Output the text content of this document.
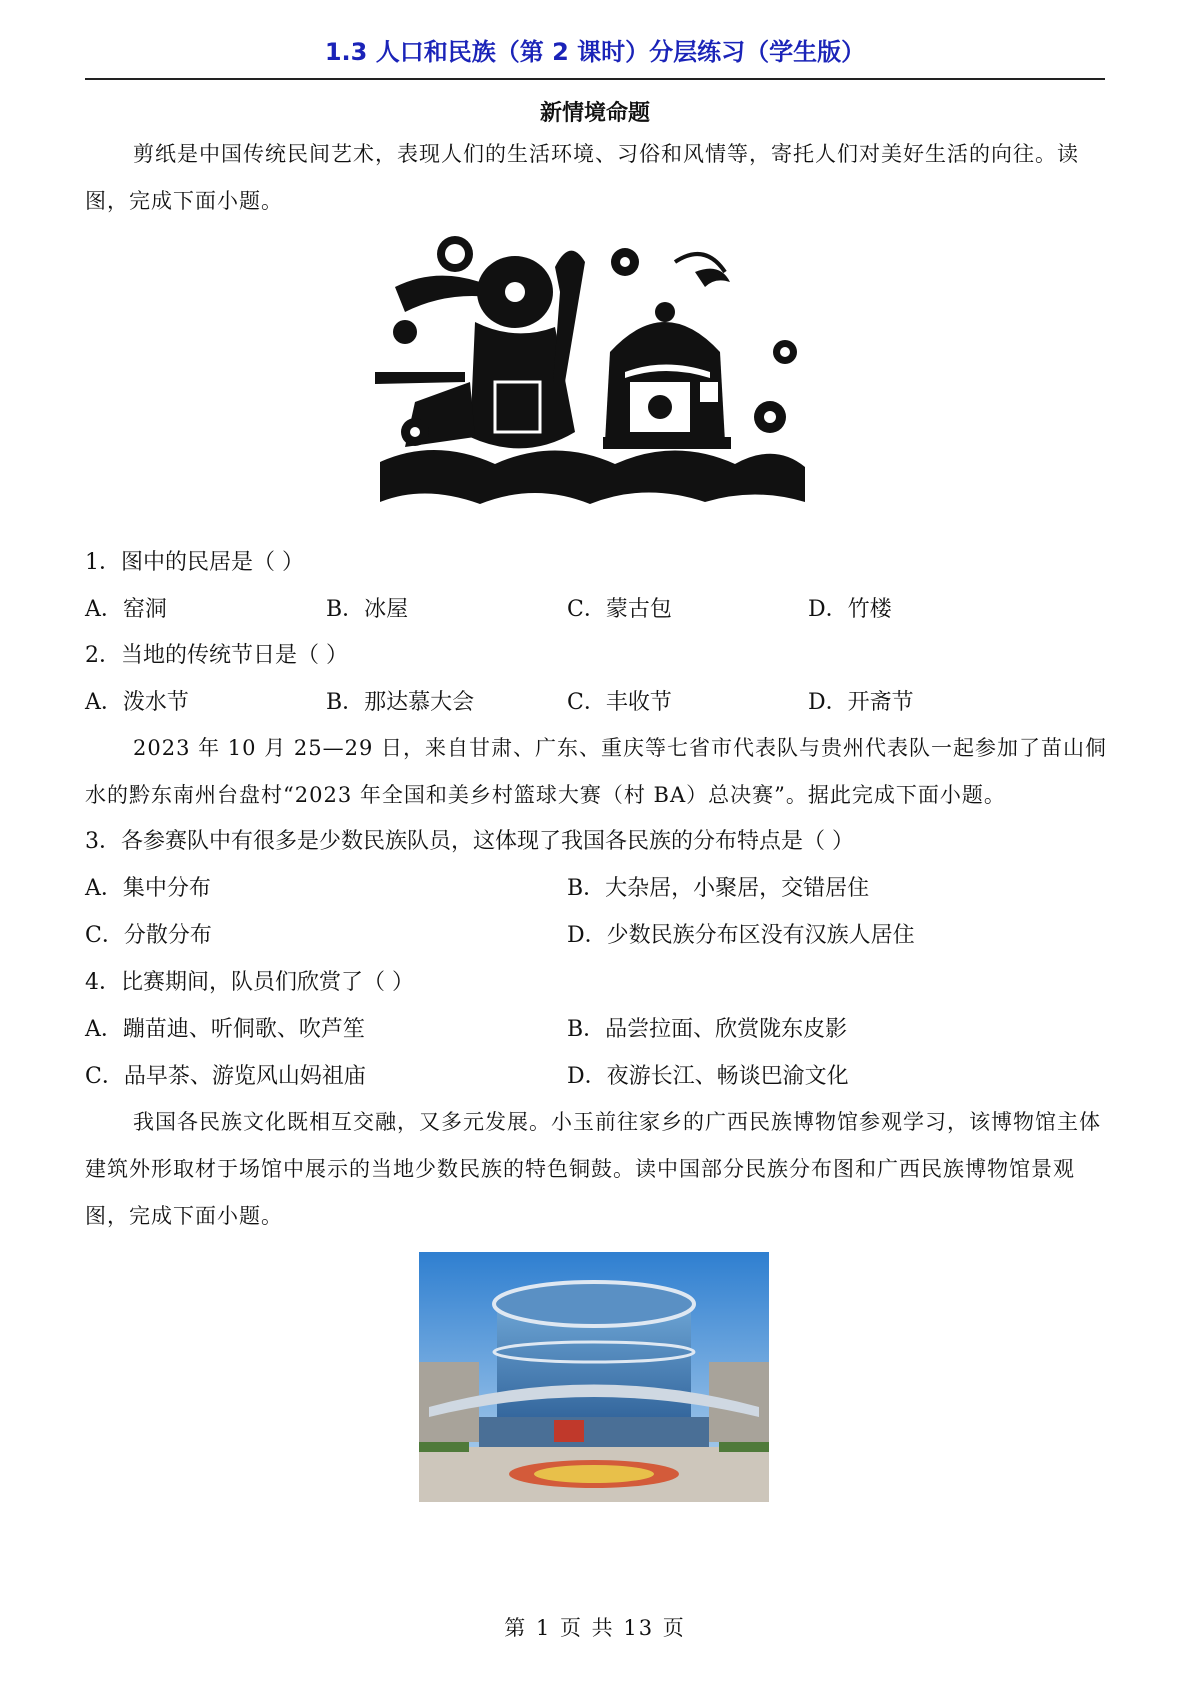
1.3 人口和民族（第 2 课时）分层练习（学生版）
新情境命题
剪纸是中国传统民间艺术，表现人们的生活环境、习俗和风情等，寄托人们对美好生活的向往。读图，完成下面小题。
1．图中的民居是（ ）
A．窑洞	B．冰屋	C．蒙古包	D．竹楼
2．当地的传统节日是（ ）
A．泼水节	B．那达慕大会	C．丰收节	D．开斋节
2023 年 10 月 25—29 日，来自甘肃、广东、重庆等七省市代表队与贵州代表队一起参加了苗山侗水的黔东南州台盘村“2023 年全国和美乡村篮球大赛（村 BA）总决赛”。据此完成下面小题。
3．各参赛队中有很多是少数民族队员，这体现了我国各民族的分布特点是（ ）
A．集中分布	B．大杂居，小聚居，交错居住
C．分散分布	D．少数民族分布区没有汉族人居住
4．比赛期间，队员们欣赏了（ ）
A．蹦苗迪、听侗歌、吹芦笙	B．品尝拉面、欣赏陇东皮影
C．品早茶、游览风山妈祖庙	D．夜游长江、畅谈巴渝文化
我国各民族文化既相互交融，又多元发展。小玉前往家乡的广西民族博物馆参观学习，该博物馆主体建筑外形取材于场馆中展示的当地少数民族的特色铜鼓。读中国部分民族分布图和广西民族博物馆景观图，完成下面小题。
第 1 页 共 13 页
